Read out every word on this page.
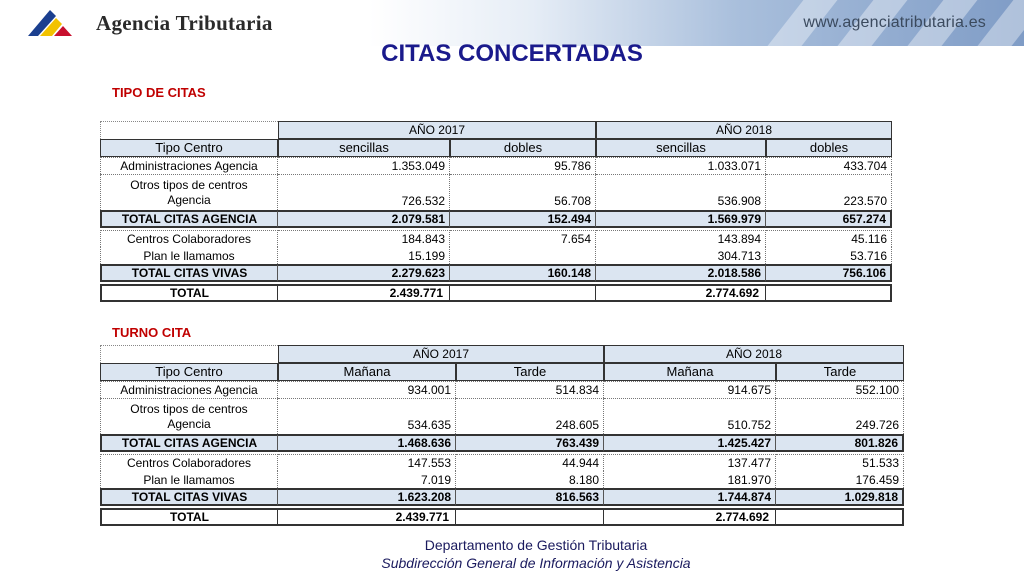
Agencia Tributaria	www.agenciatributaria.es
CITAS CONCERTADAS
TIPO DE CITAS
	AÑO 2017		AÑO 2018	
Tipo Centro	sencillas	dobles	sencillas	dobles
Administraciones Agencia	1.353.049	95.786	1.033.071	433.704

Otros tipos de centros
Agencia	726.532	56.708	536.908	223.570
TOTAL CITAS AGENCIA	2.079.581	152.494	1.569.979	657.274

Centros Colaboradores	184.843	7.654	143.894	45.116
Plan le llamamos	15.199		304.713	53.716
TOTAL CITAS VIVAS	2.279.623	160.148	2.018.586	756.106

TOTAL	2.439.771		2.774.692	
TURNO CITA
	AÑO 2017		AÑO 2018	
Tipo Centro	Mañana	Tarde	Mañana	Tarde
Administraciones Agencia	934.001	514.834	914.675	552.100

Otros tipos de centros
Agencia	534.635	248.605	510.752	249.726
TOTAL CITAS AGENCIA	1.468.636	763.439	1.425.427	801.826

Centros Colaboradores	147.553	44.944	137.477	51.533
Plan le llamamos	7.019	8.180	181.970	176.459
TOTAL CITAS VIVAS	1.623.208	816.563	1.744.874	1.029.818

TOTAL	2.439.771		2.774.692	
Departamento de Gestión Tributaria
Subdirección General de Información y Asistencia
